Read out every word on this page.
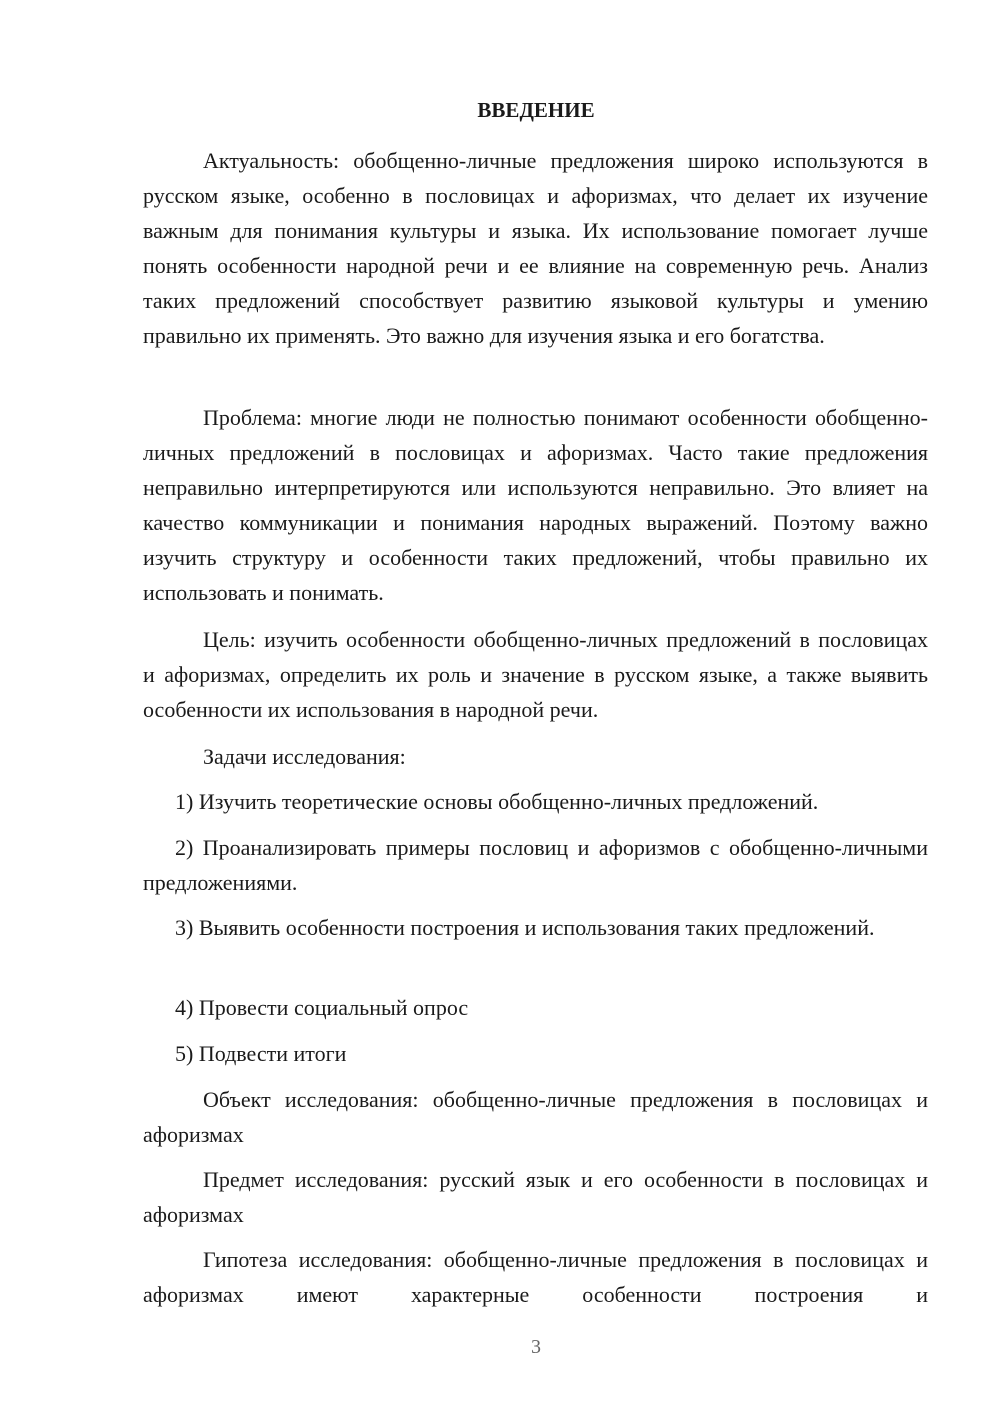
ВВЕДЕНИЕ

Актуальность: обобщенно-личные предложения широко используются в русском языке, особенно в пословицах и афоризмах, что делает их изучение важным для понимания культуры и языка. Их использование помогает лучше понять особенности народной речи и ее влияние на современную речь. Анализ таких предложений способствует развитию языковой культуры и умению правильно их применять. Это важно для изучения языка и его богатства.

Проблема: многие люди не полностью понимают особенности обобщенно-личных предложений в пословицах и афоризмах. Часто такие предложения неправильно интерпретируются или используются неправильно. Это влияет на качество коммуникации и понимания народных выражений. Поэтому важно изучить структуру и особенности таких предложений, чтобы правильно их использовать и понимать.

Цель: изучить особенности обобщенно-личных предложений в пословицах и афоризмах, определить их роль и значение в русском языке, а также выявить особенности их использования в народной речи.

Задачи исследования:

1) Изучить теоретические основы обобщенно-личных предложений.

2) Проанализировать примеры пословиц и афоризмов с обобщенно-личными предложениями.

3) Выявить особенности построения и использования таких предложений.

4) Провести социальный опрос

5) Подвести итоги

Объект исследования: обобщенно-личные предложения в пословицах и афоризмах

Предмет исследования: русский язык и его особенности в пословицах и афоризмах

Гипотеза исследования: обобщенно-личные предложения в пословицах и афоризмах имеют характерные особенности построения и

3
